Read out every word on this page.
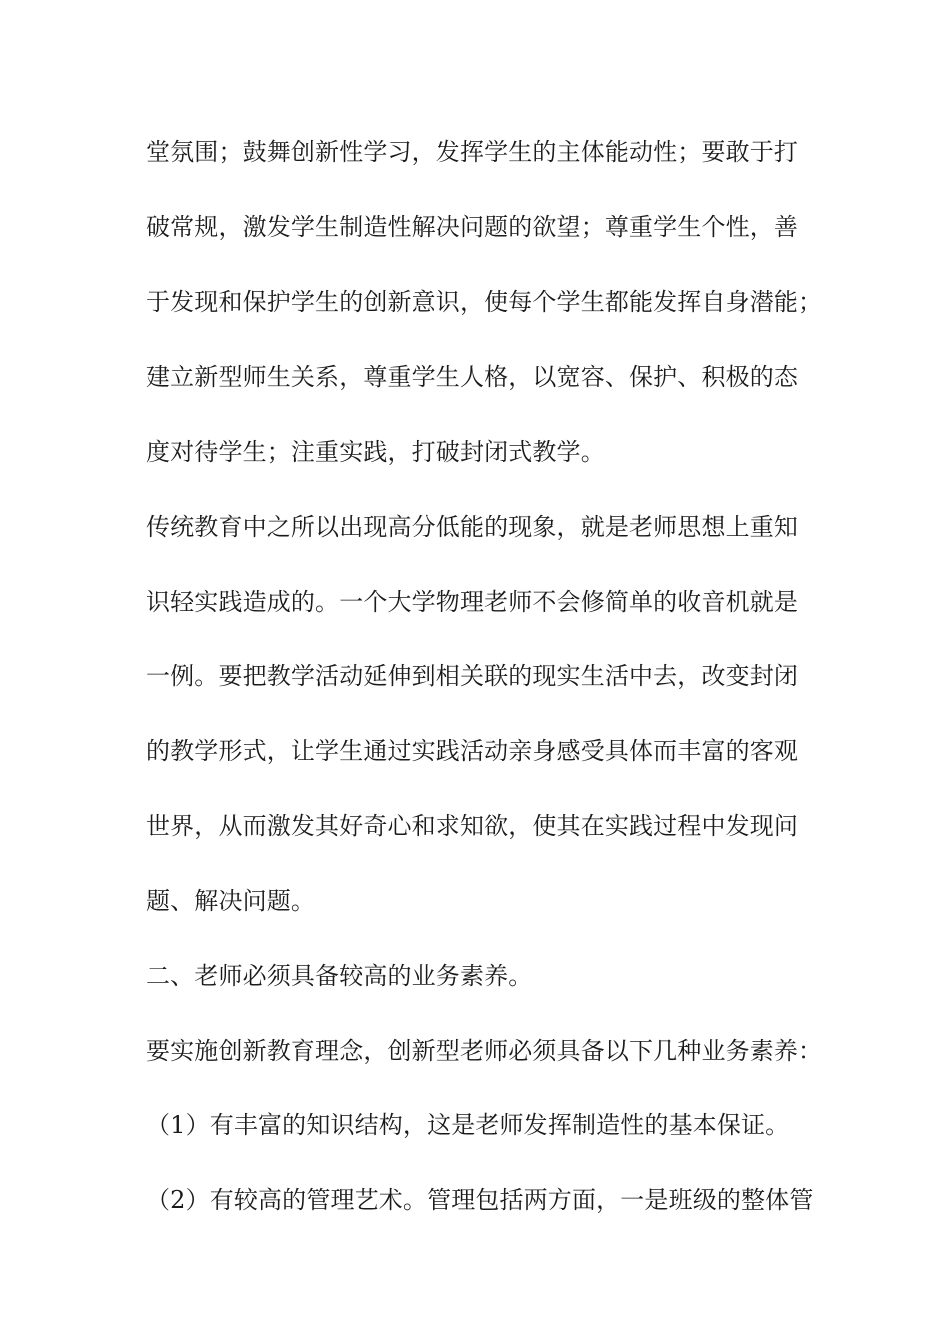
堂氛围；鼓舞创新性学习，发挥学生的主体能动性；要敢于打
破常规，激发学生制造性解决问题的欲望；尊重学生个性，善
于发现和保护学生的创新意识，使每个学生都能发挥自身潜能；
建立新型师生关系，尊重学生人格，以宽容、保护、积极的态
度对待学生；注重实践，打破封闭式教学。
传统教育中之所以出现高分低能的现象，就是老师思想上重知
识轻实践造成的。一个大学物理老师不会修简单的收音机就是
一例。要把教学活动延伸到相关联的现实生活中去，改变封闭
的教学形式，让学生通过实践活动亲身感受具体而丰富的客观
世界，从而激发其好奇心和求知欲，使其在实践过程中发现问
题、解决问题。
二、老师必须具备较高的业务素养。
要实施创新教育理念，创新型老师必须具备以下几种业务素养：
（1）有丰富的知识结构，这是老师发挥制造性的基本保证。
（2）有较高的管理艺术。管理包括两方面，一是班级的整体管
